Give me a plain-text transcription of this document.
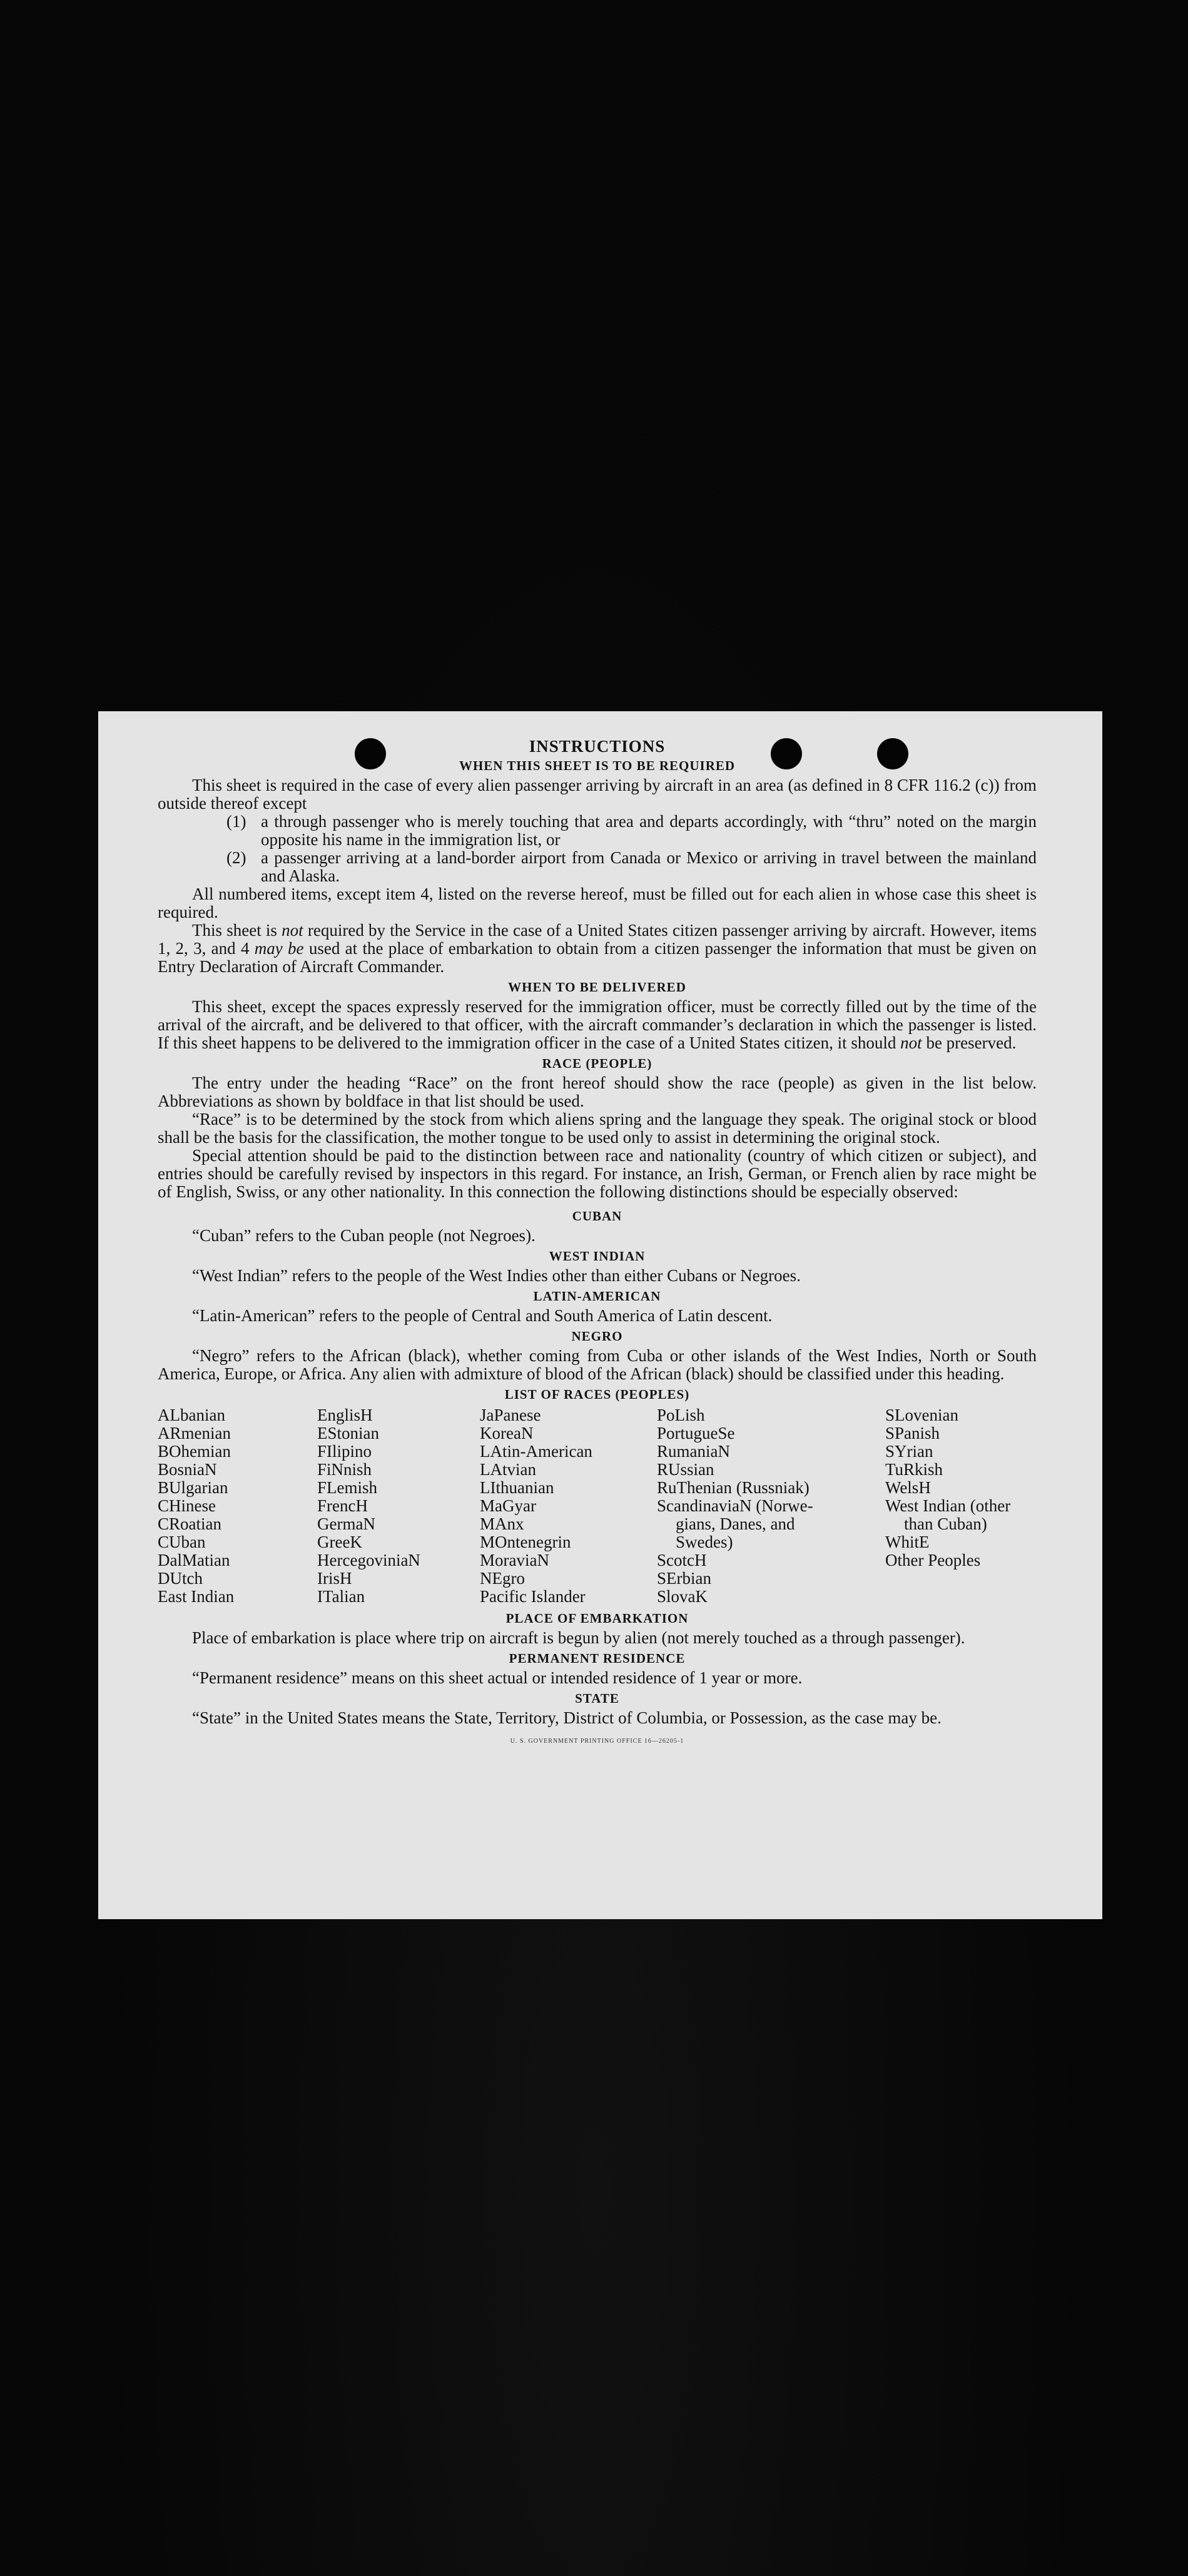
INSTRUCTIONS

WHEN THIS SHEET IS TO BE REQUIRED

This sheet is required in the case of every alien passenger arriving by aircraft in an area (as defined in 8 CFR 116.2 (c)) from outside thereof except

(1) a through passenger who is merely touching that area and departs accordingly, with “thru” noted on the margin opposite his name in the immigration list, or
(2) a passenger arriving at a land-border airport from Canada or Mexico or arriving in travel between the mainland and Alaska.

All numbered items, except item 4, listed on the reverse hereof, must be filled out for each alien in whose case this sheet is required.

This sheet is not required by the Service in the case of a United States citizen passenger arriving by aircraft. However, items 1, 2, 3, and 4 may be used at the place of embarkation to obtain from a citizen passenger the information that must be given on Entry Declaration of Aircraft Commander.

WHEN TO BE DELIVERED

This sheet, except the spaces expressly reserved for the immigration officer, must be correctly filled out by the time of the arrival of the aircraft, and be delivered to that officer, with the aircraft commander’s declaration in which the passenger is listed. If this sheet happens to be delivered to the immigration officer in the case of a United States citizen, it should not be preserved.

RACE (PEOPLE)

The entry under the heading “Race” on the front hereof should show the race (people) as given in the list below. Abbreviations as shown by boldface in that list should be used.

“Race” is to be determined by the stock from which aliens spring and the language they speak. The original stock or blood shall be the basis for the classification, the mother tongue to be used only to assist in determining the original stock.

Special attention should be paid to the distinction between race and nationality (country of which citizen or subject), and entries should be carefully revised by inspectors in this regard. For instance, an Irish, German, or French alien by race might be of English, Swiss, or any other nationality. In this connection the following distinctions should be especially observed:

CUBAN

“Cuban” refers to the Cuban people (not Negroes).

WEST INDIAN

“West Indian” refers to the people of the West Indies other than either Cubans or Negroes.

LATIN-AMERICAN

“Latin-American” refers to the people of Central and South America of Latin descent.

NEGRO

“Negro” refers to the African (black), whether coming from Cuba or other islands of the West Indies, North or South America, Europe, or Africa. Any alien with admixture of blood of the African (black) should be classified under this heading.

LIST OF RACES (PEOPLES)

ALbanian
ARmenian
BOhemian
BosniaN
BUlgarian
CHinese
CRoatian
CUban
DalMatian
DUtch
East Indian
EnglisH
EStonian
FIlipino
FiNnish
FLemish
FrencH
GermaN
GreeK
HercegoviniaN
IrisH
ITalian
JaPanese
KoreaN
LAtin-American
LAtvian
LIthuanian
MaGyar
MAnx
MOntenegrin
MoraviaN
NEgro
Pacific Islander
PoLish
PortugueSe
RumaniaN
RUssian
RuThenian (Russniak)
ScandinaviaN (Norwe-
gians, Danes, and
Swedes)
ScotcH
SErbian
SlovaK
SLovenian
SPanish
SYrian
TuRkish
WelsH
West Indian (other
than Cuban)
WhitE
Other Peoples

PLACE OF EMBARKATION

Place of embarkation is place where trip on aircraft is begun by alien (not merely touched as a through passenger).

PERMANENT RESIDENCE

“Permanent residence” means on this sheet actual or intended residence of 1 year or more.

STATE

“State” in the United States means the State, Territory, District of Columbia, or Possession, as the case may be.

U. S. GOVERNMENT PRINTING OFFICE 16—26205-1
